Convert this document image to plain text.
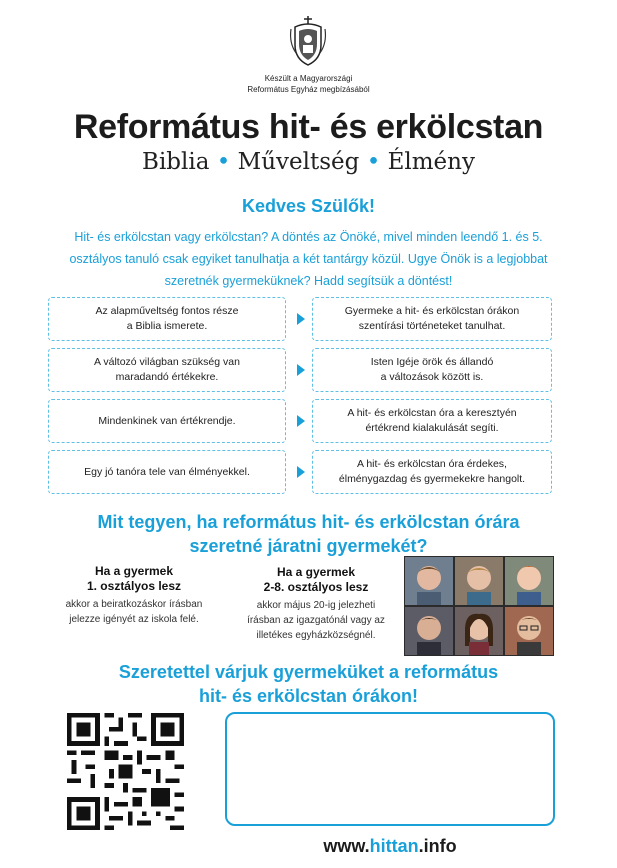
Készült a Magyarországi
Református Egyház megbízásából
Református hit- és erkölcstan
Biblia • Műveltség • Élmény
Kedves Szülők!
Hit- és erkölcstan vagy erkölcstan? A döntés az Önöké, mivel minden leendő 1. és 5. osztályos tanuló csak egyiket tanulhatja a két tantárgy közül. Ugye Önök is a legjobbat szeretnék gyermeküknek? Hadd segítsük a döntést!
Az alapműveltség fontos része
a Biblia ismerete.
Gyermeke a hit- és erkölcstan órákon
szentírási történeteket tanulhat.
A változó világban szükség van
maradandó értékekre.
Isten Igéje örök és állandó
a változások között is.
Mindenkinek van értékrendje.
A hit- és erkölcstan óra a keresztyén
értékrend kialakulását segíti.
Egy jó tanóra tele van élményekkel.
A hit- és erkölcstan óra érdekes,
élménygazdag és gyermekekre hangolt.
Mit tegyen, ha református hit- és erkölcstan órára
szeretné járatni gyermekét?
Ha a gyermek
1. osztályos lesz
akkor a beiratkozáskor írásban
jelezze igényét az iskola felé.
Ha a gyermek
2-8. osztályos lesz
akkor május 20-ig jelezheti
írásban az igazgatónál vagy az
illetékes egyházközségnél.
Szeretettel várjuk gyermeküket a református
hit- és erkölcstan órákon!
www.hittan.info
